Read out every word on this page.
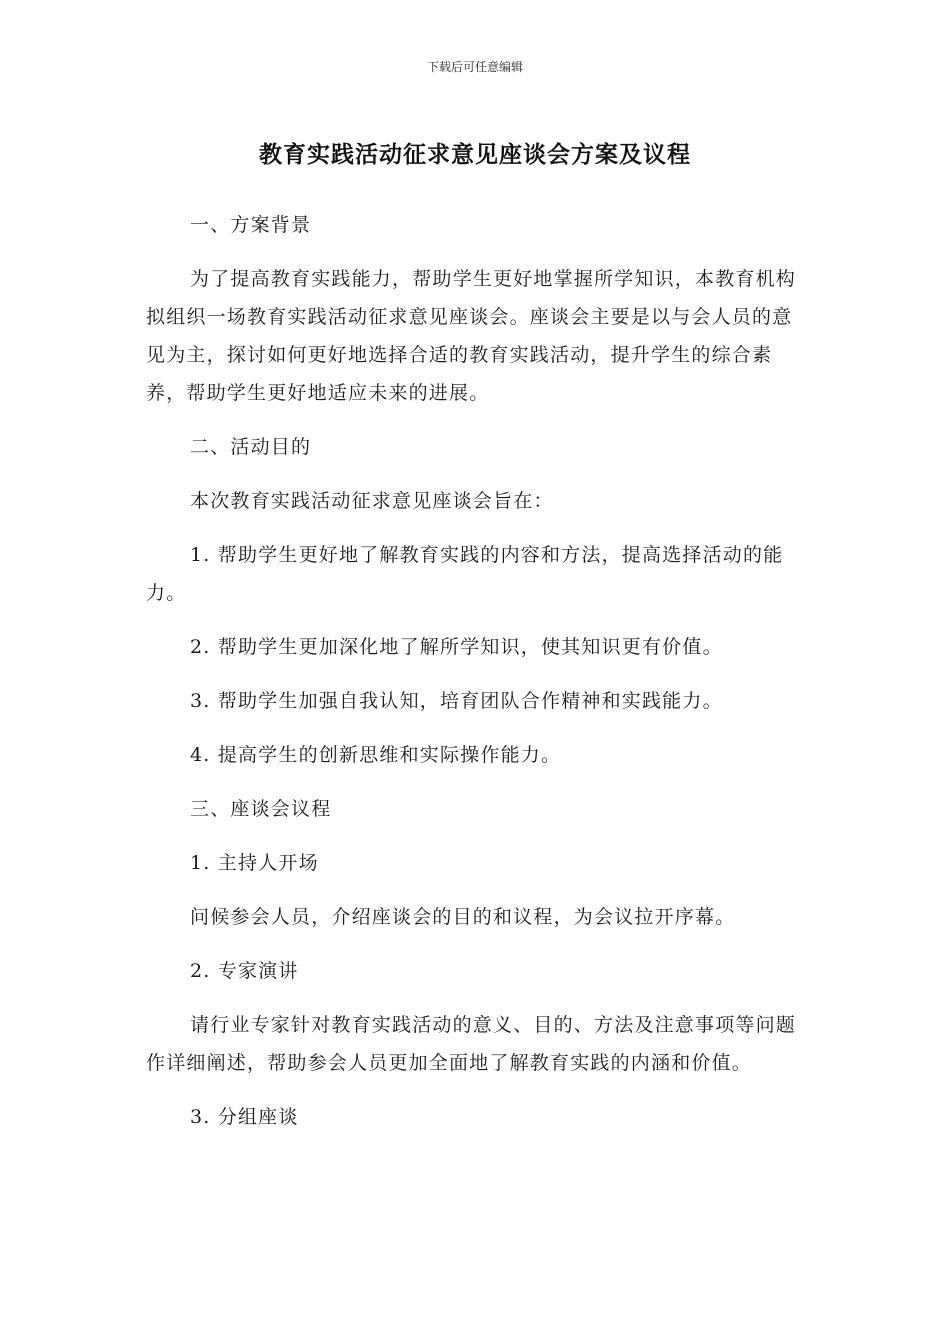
下载后可任意编辑
教育实践活动征求意见座谈会方案及议程

一、方案背景

为了提高教育实践能力，帮助学生更好地掌握所学知识，本教育机构拟组织一场教育实践活动征求意见座谈会。座谈会主要是以与会人员的意见为主，探讨如何更好地选择合适的教育实践活动，提升学生的综合素养，帮助学生更好地适应未来的进展。

二、活动目的

本次教育实践活动征求意见座谈会旨在：

1. 帮助学生更好地了解教育实践的内容和方法，提高选择活动的能力。

2. 帮助学生更加深化地了解所学知识，使其知识更有价值。

3. 帮助学生加强自我认知，培育团队合作精神和实践能力。

4. 提高学生的创新思维和实际操作能力。

三、座谈会议程

1. 主持人开场

问候参会人员，介绍座谈会的目的和议程，为会议拉开序幕。

2. 专家演讲

请行业专家针对教育实践活动的意义、目的、方法及注意事项等问题作详细阐述，帮助参会人员更加全面地了解教育实践的内涵和价值。

3. 分组座谈
